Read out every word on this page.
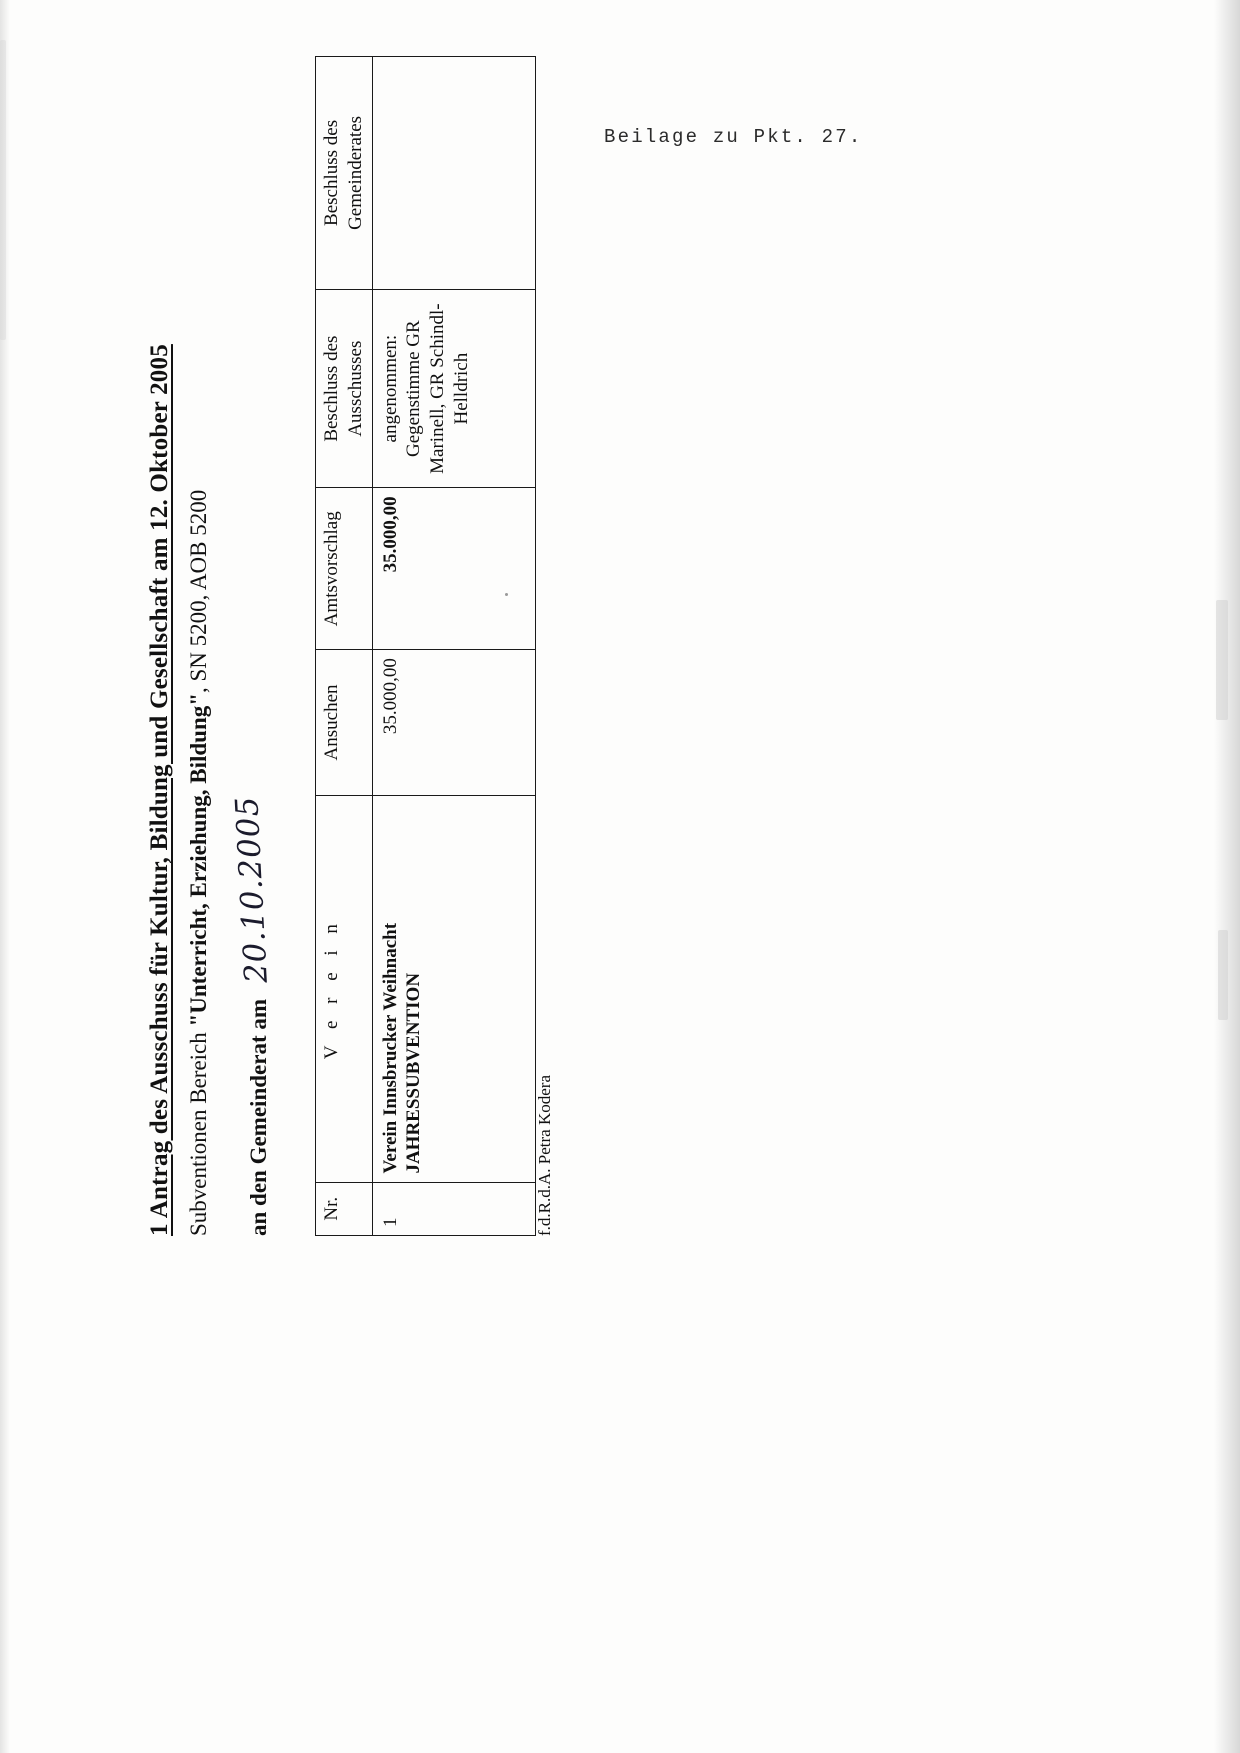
Beilage zu Pkt. 27.
1 Antrag des Ausschuss für Kultur, Bildung und Gesellschaft am 12. Oktober 2005 Subventionen Bereich "Unterricht, Erziehung, Bildung", SN 5200, AOB 5200
an den Gemeinderat am20.10.2005
Nr.	V e r e i n	Ansuchen	Amtsvorschlag	Beschluss des Ausschusses	Beschluss des Gemeinderates
1	Verein Innsbrucker Weihnacht JAHRESSUBVENTION	35.000,00	35.000,00	angenommen: Gegenstimme GR Marinell, GR Schindl-Helldrich	
f.d.R.d.A. Petra Kodera
